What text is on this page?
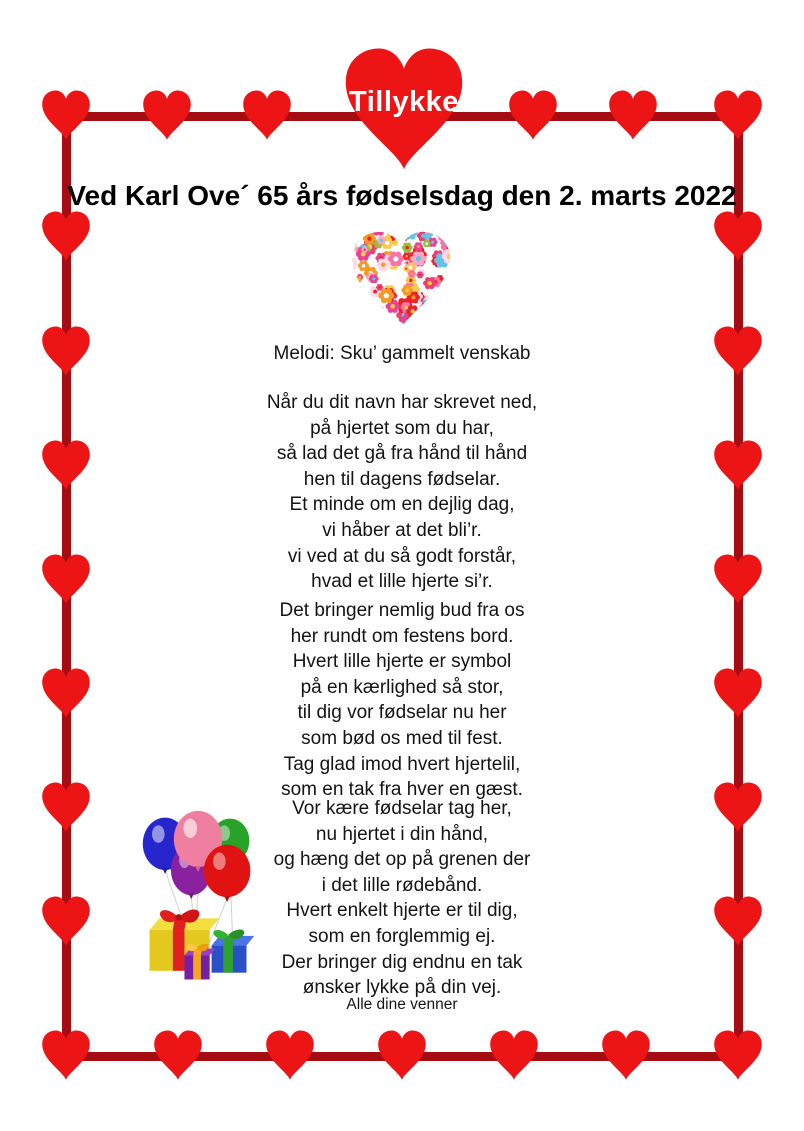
Tillykke
Ved Karl Ove´ 65 års fødselsdag den 2. marts 2022

Melodi: Sku’ gammelt venskab

Når du dit navn har skrevet ned,

på hjertet som du har,

så lad det gå fra hånd til hånd

hen til dagens fødselar.

Et minde om en dejlig dag,

vi håber at det bli’r.

vi ved at du så godt forstår,

hvad et lille hjerte si’r.

Det bringer nemlig bud fra os

her rundt om festens bord.

Hvert lille hjerte er symbol

på en kærlighed så stor,

til dig vor fødselar nu her

som bød os med til fest.

Tag glad imod hvert hjertelil,

som en tak fra hver en gæst.

Vor kære fødselar tag her,

nu hjertet i din hånd,

og hæng det op på grenen der

i det lille rødebånd.

Hvert enkelt hjerte er til dig,

som en forglemmig ej.

Der bringer dig endnu en tak

ønsker lykke på din vej.

Alle dine venner
